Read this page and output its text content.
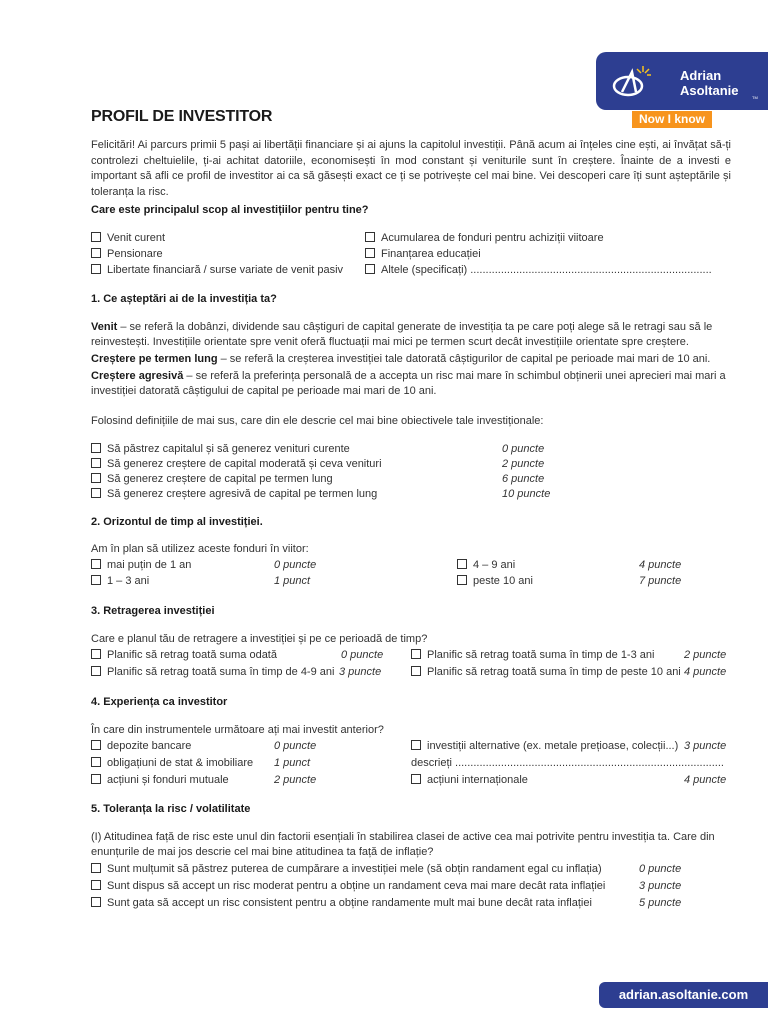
Adrian
Asoltanie	TM
Now I know
PROFIL DE INVESTITOR
Felicitări! Ai parcurs primii 5 pași ai libertății financiare și ai ajuns la capitolul investiții. Până acum ai înțeles cine ești, ai învățat să-ți controlezi cheltuielile, ți-ai achitat datoriile, economisești în mod constant și veniturile sunt în creștere. Înainte de a investi e important să afli ce profil de investitor ai ca să găsești exact ce ți se potrivește cel mai bine. Vei descoperi care îți sunt așteptările și toleranța la risc.
Care este principalul scop al investițiilor pentru tine?
Venit curent
Pensionare
Libertate financiară / surse variate de venit pasiv
Acumularea de fonduri pentru achiziții viitoare
Finanțarea educației
Altele (specificați) ...............................................................................
1. Ce așteptări ai de la investiția ta?
Venit – se referă la dobânzi, dividende sau câștiguri de capital generate de investiția ta pe care poți alege să le retragi sau să le reinvestești. Investițiile orientate spre venit oferă fluctuații mai mici pe termen scurt decât investițiile orientate spre creștere.
Creștere pe termen lung – se referă la creșterea investiției tale datorată câștigurilor de capital pe perioade mai mari de 10 ani.
Creștere agresivă – se referă la preferința personală de a accepta un risc mai mare în schimbul obținerii unei aprecieri mai mari a investiției datorată câștigului de capital pe perioade mai mari de 10 ani.
Folosind definițiile de mai sus, care din ele descrie cel mai bine obiectivele tale investiționale:
Să păstrez capitalul și să generez venituri curente	0 puncte
Să generez creștere de capital moderată și ceva venituri	2 puncte
Să generez creștere de capital pe termen lung	6 puncte
Să generez creștere agresivă de capital pe termen lung	10 puncte
2. Orizontul de timp al investiției.
Am în plan să utilizez aceste fonduri în viitor:
mai puțin de 1 an	0 puncte
1 – 3 ani	1 punct
4 – 9 ani	4 puncte
peste 10 ani	7 puncte
3. Retragerea investiției
Care e planul tău de retragere a investiției și pe ce perioadă de timp?
Planific să retrag toată suma odată	0 puncte
Planific să retrag toată suma în timp de 4-9 ani 3 puncte
Planific să retrag toată suma în timp de 1-3 ani	2 puncte
Planific să retrag toată suma în timp de peste 10 ani 4 puncte
4. Experiența ca investitor
În care din instrumentele următoare ați mai investit anterior?
depozite bancare	0 puncte
obligațiuni de stat & imobiliare 1 punct
acțiuni și fonduri mutuale	2 puncte
investiții alternative (ex. metale prețioase, colecții...) 3 puncte
descrieți ........................................................................................
acțiuni internaționale	4 puncte
5. Toleranța la risc / volatilitate
(I) Atitudinea față de risc este unul din factorii esențiali în stabilirea clasei de active cea mai potrivite pentru investiția ta. Care din enunțurile de mai jos descrie cel mai bine atitudinea ta față de inflație?
Sunt mulțumit să păstrez puterea de cumpărare a investiției mele (să obțin randament egal cu inflația)	0 puncte
Sunt dispus să accept un risc moderat pentru a obține un randament ceva mai mare decât rata inflației	3 puncte
Sunt gata să accept un risc consistent pentru a obține randamente mult mai bune decât rata inflației	5 puncte
adrian.asoltanie.com
